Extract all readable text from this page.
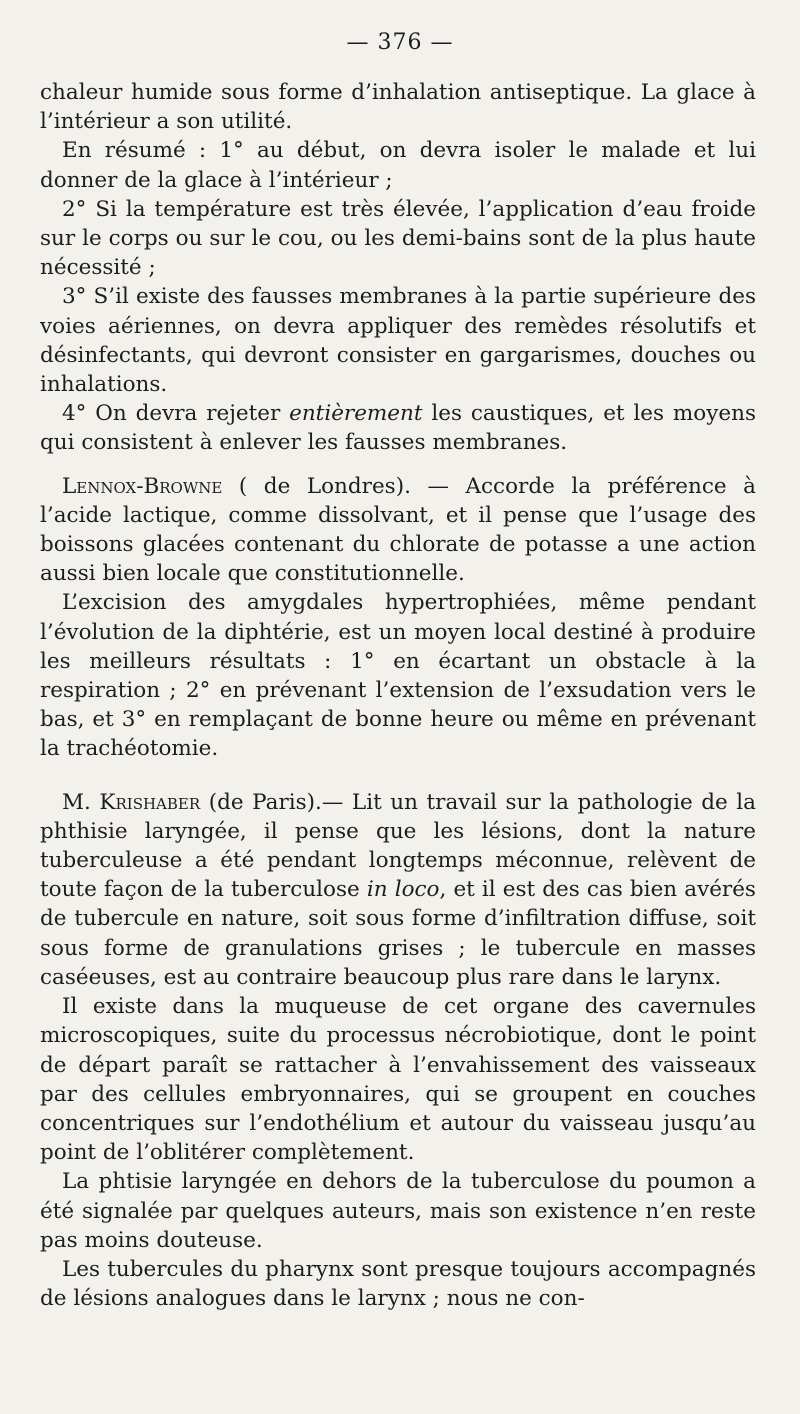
— 376 —

chaleur humide sous forme d’inhalation antiseptique. La glace à l’intérieur a son utilité.

En résumé : 1° au début, on devra isoler le malade et lui donner de la glace à l’intérieur ;

2° Si la température est très élevée, l’application d’eau froide sur le corps ou sur le cou, ou les demi-bains sont de la plus haute nécessité ;

3° S’il existe des fausses membranes à la partie supérieure des voies aériennes, on devra appliquer des remèdes résolutifs et désinfectants, qui devront consister en gargarismes, douches ou inhalations.

4° On devra rejeter entièrement les caustiques, et les moyens qui consistent à enlever les fausses membranes.

Lennox-Browne ( de Londres). — Accorde la préférence à l’acide lactique, comme dissolvant, et il pense que l’usage des boissons glacées contenant du chlorate de potasse a une action aussi bien locale que constitutionnelle.

L’excision des amygdales hypertrophiées, même pendant l’évolution de la diphtérie, est un moyen local destiné à produire les meilleurs résultats : 1° en écartant un obstacle à la respiration ; 2° en prévenant l’extension de l’exsudation vers le bas, et 3° en remplaçant de bonne heure ou même en prévenant la trachéotomie.

M. Krishaber (de Paris).— Lit un travail sur la pathologie de la phthisie laryngée, il pense que les lésions, dont la nature tuberculeuse a été pendant longtemps méconnue, relèvent de toute façon de la tuberculose in loco, et il est des cas bien avérés de tubercule en nature, soit sous forme d’infiltration diffuse, soit sous forme de granulations grises ; le tubercule en masses caséeuses, est au contraire beaucoup plus rare dans le larynx.

Il existe dans la muqueuse de cet organe des cavernules microscopiques, suite du processus nécrobiotique, dont le point de départ paraît se rattacher à l’envahissement des vaisseaux par des cellules embryonnaires, qui se groupent en couches concentriques sur l’endothélium et autour du vaisseau jusqu’au point de l’oblitérer complètement.

La phtisie laryngée en dehors de la tuberculose du poumon a été signalée par quelques auteurs, mais son existence n’en reste pas moins douteuse.

Les tubercules du pharynx sont presque toujours accompagnés de lésions analogues dans le larynx ; nous ne con-
